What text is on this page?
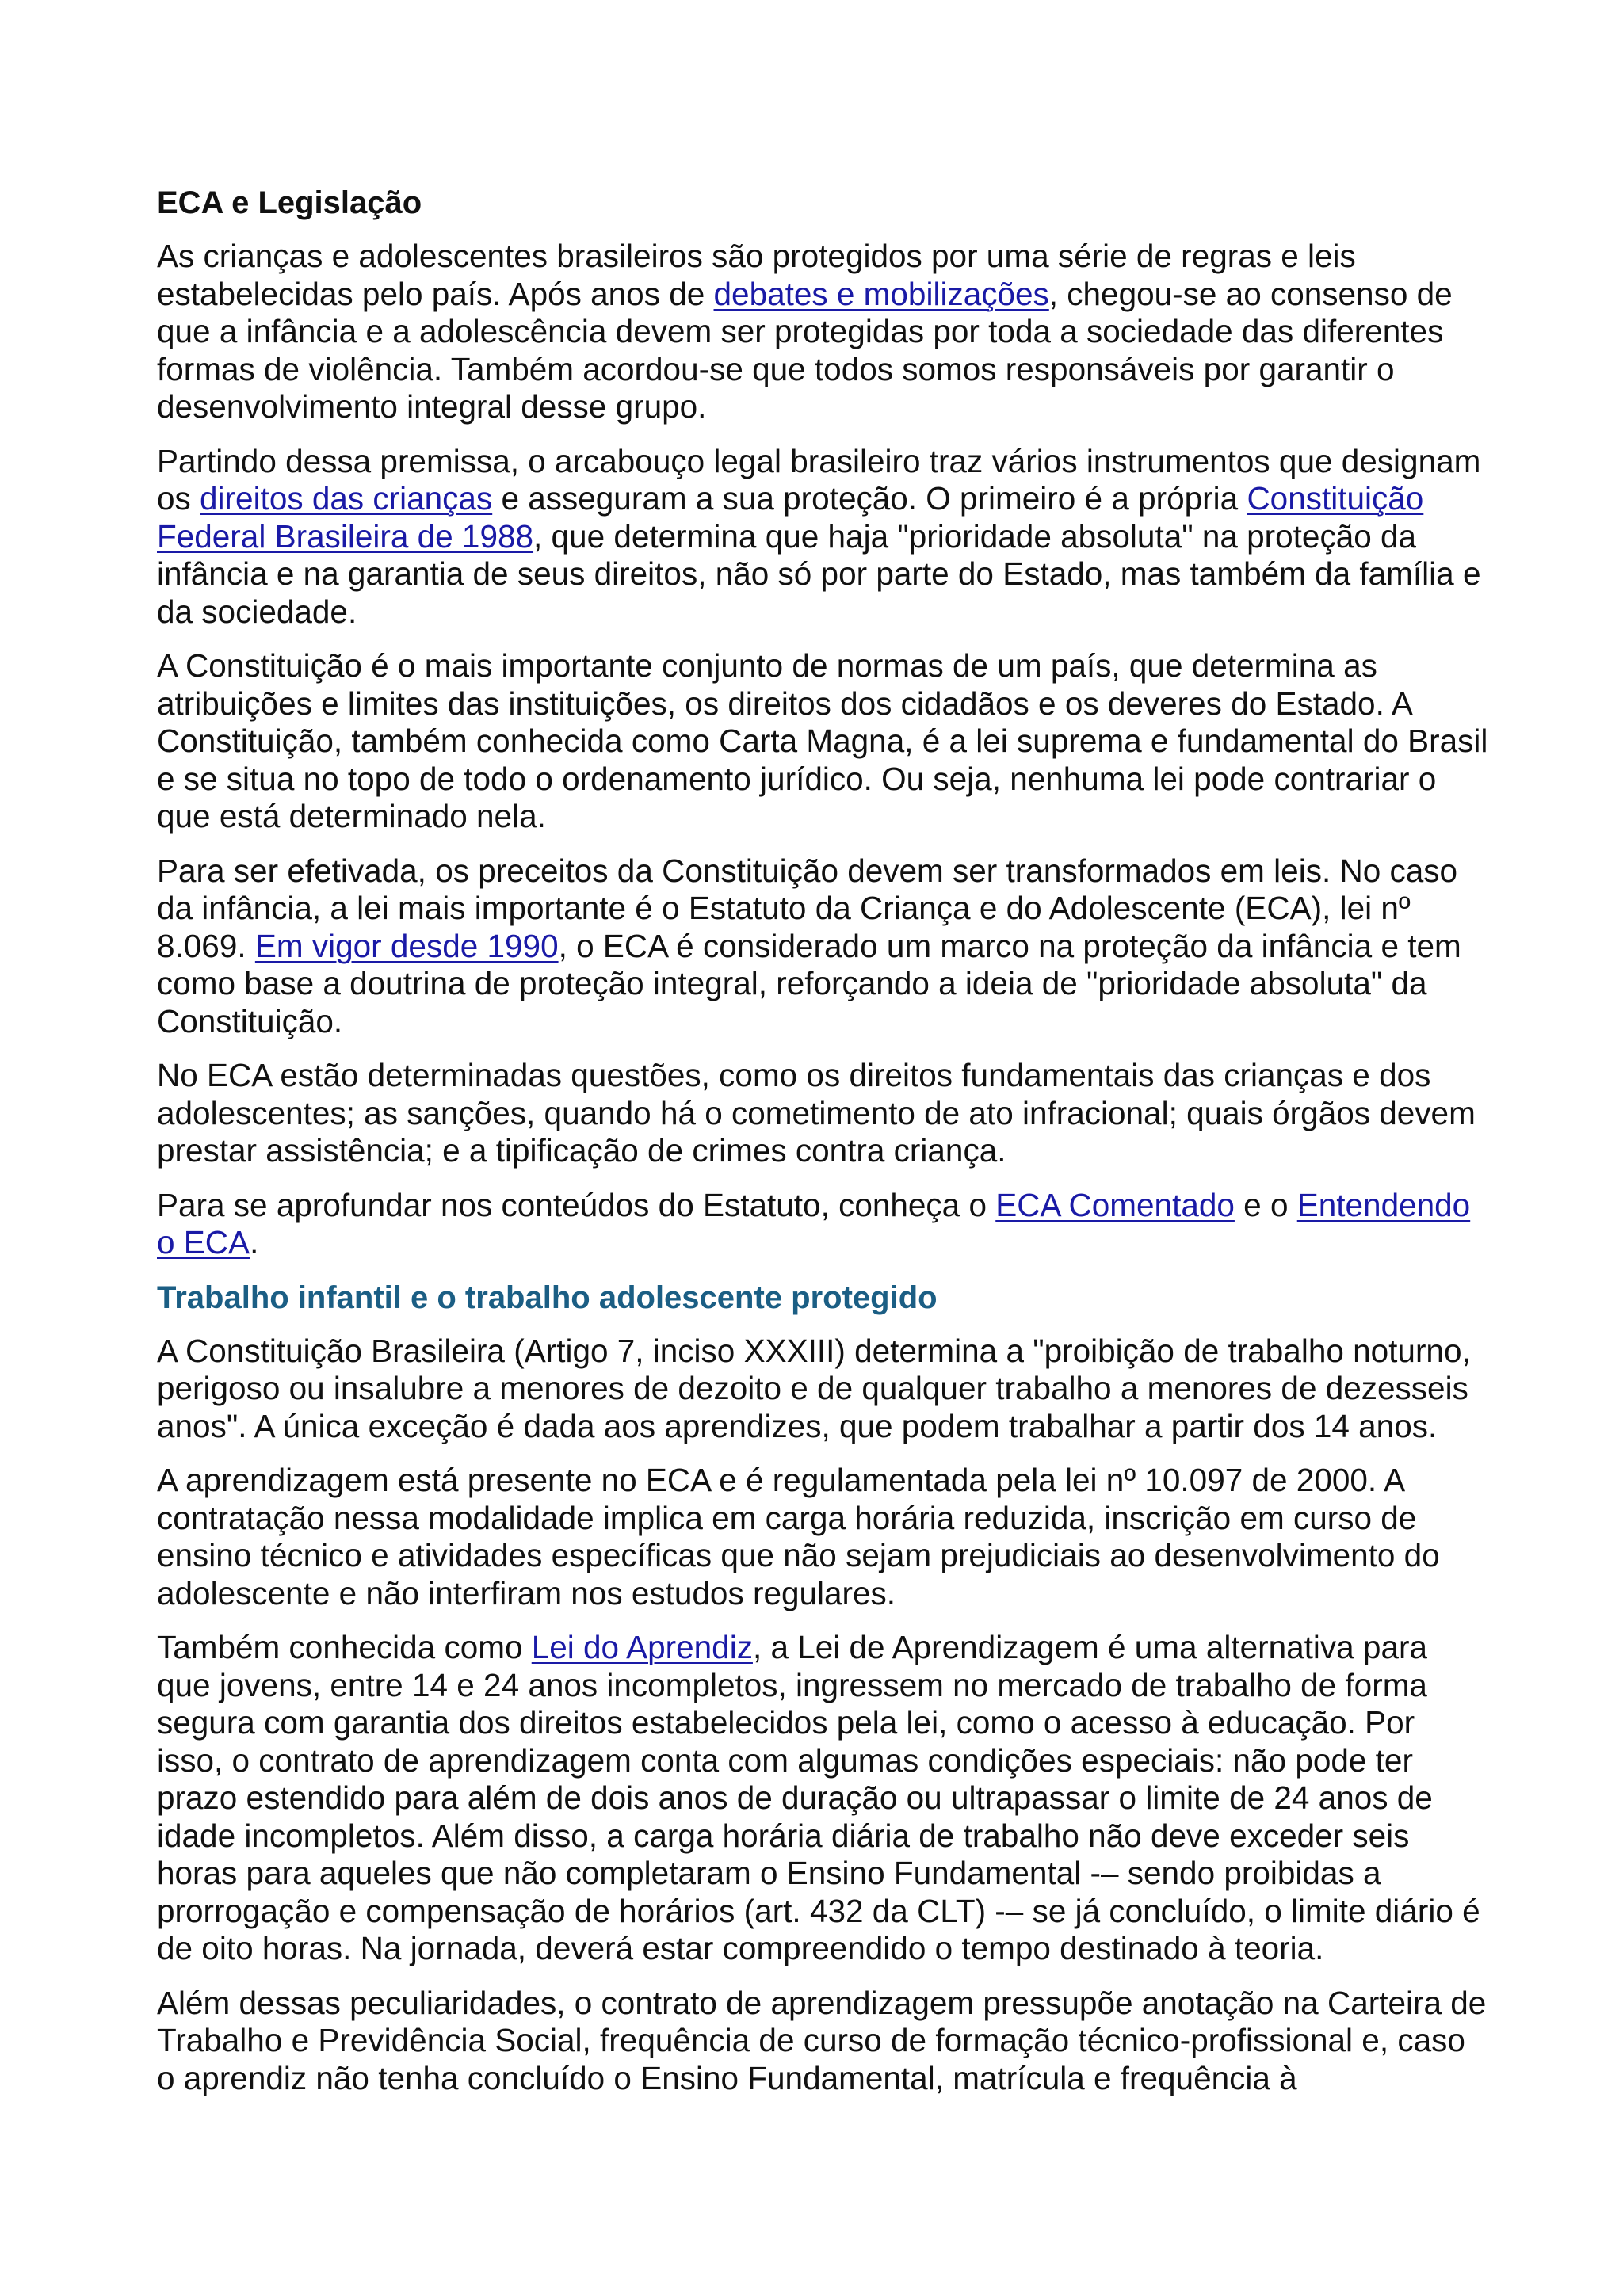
ECA e Legislação

As crianças e adolescentes brasileiros são protegidos por uma série de regras e leis estabelecidas pelo país. Após anos de debates e mobilizações, chegou-se ao consenso de que a infância e a adolescência devem ser protegidas por toda a sociedade das diferentes formas de violência. Também acordou-se que todos somos responsáveis por garantir o desenvolvimento integral desse grupo.

Partindo dessa premissa, o arcabouço legal brasileiro traz vários instrumentos que designam os direitos das crianças e asseguram a sua proteção. O primeiro é a própria Constituição Federal Brasileira de 1988, que determina que haja "prioridade absoluta" na proteção da infância e na garantia de seus direitos, não só por parte do Estado, mas também da família e da sociedade.

A Constituição é o mais importante conjunto de normas de um país, que determina as atribuições e limites das instituições, os direitos dos cidadãos e os deveres do Estado. A Constituição, também conhecida como Carta Magna, é a lei suprema e fundamental do Brasil e se situa no topo de todo o ordenamento jurídico. Ou seja, nenhuma lei pode contrariar o que está determinado nela.

Para ser efetivada, os preceitos da Constituição devem ser transformados em leis. No caso da infância, a lei mais importante é o Estatuto da Criança e do Adolescente (ECA), lei nº 8.069. Em vigor desde 1990, o ECA é considerado um marco na proteção da infância e tem como base a doutrina de proteção integral, reforçando a ideia de "prioridade absoluta" da Constituição.

No ECA estão determinadas questões, como os direitos fundamentais das crianças e dos adolescentes; as sanções, quando há o cometimento de ato infracional; quais órgãos devem prestar assistência; e a tipificação de crimes contra criança.

Para se aprofundar nos conteúdos do Estatuto, conheça o ECA Comentado e o Entendendo o ECA.

Trabalho infantil e o trabalho adolescente protegido

A Constituição Brasileira (Artigo 7, inciso XXXIII) determina a "proibição de trabalho noturno, perigoso ou insalubre a menores de dezoito e de qualquer trabalho a menores de dezesseis anos". A única exceção é dada aos aprendizes, que podem trabalhar a partir dos 14 anos.

A aprendizagem está presente no ECA e é regulamentada pela lei nº 10.097 de 2000. A contratação nessa modalidade implica em carga horária reduzida, inscrição em curso de ensino técnico e atividades específicas que não sejam prejudiciais ao desenvolvimento do adolescente e não interfiram nos estudos regulares.

Também conhecida como Lei do Aprendiz, a Lei de Aprendizagem é uma alternativa para que jovens, entre 14 e 24 anos incompletos, ingressem no mercado de trabalho de forma segura com garantia dos direitos estabelecidos pela lei, como o acesso à educação. Por isso, o contrato de aprendizagem conta com algumas condições especiais: não pode ter prazo estendido para além de dois anos de duração ou ultrapassar o limite de 24 anos de idade incompletos. Além disso, a carga horária diária de trabalho não deve exceder seis horas para aqueles que não completaram o Ensino Fundamental -– sendo proibidas a prorrogação e compensação de horários (art. 432 da CLT) -– se já concluído, o limite diário é de oito horas. Na jornada, deverá estar compreendido o tempo destinado à teoria.

Além dessas peculiaridades, o contrato de aprendizagem pressupõe anotação na Carteira de Trabalho e Previdência Social, frequência de curso de formação técnico-profissional e, caso o aprendiz não tenha concluído o Ensino Fundamental, matrícula e frequência à
